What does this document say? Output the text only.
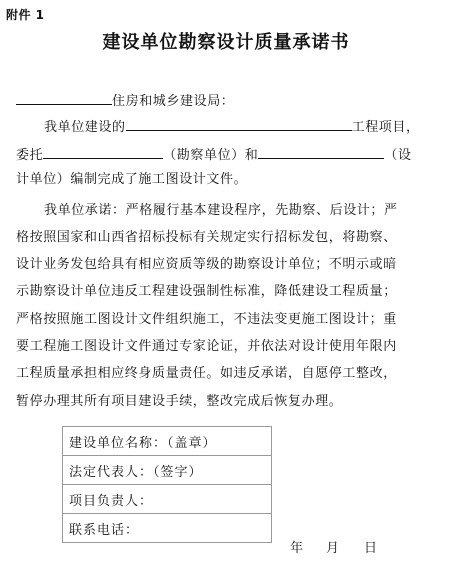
附件 1
建设单位勘察设计质量承诺书
住房和城乡建设局：
我单位建设的	工程项目，
委托	（勘察单位）和	（设
计单位）编制完成了施工图设计文件。
我单位承诺：严格履行基本建设程序，先勘察、后设计；严
格按照国家和山西省招标投标有关规定实行招标发包，将勘察、
设计业务发包给具有相应资质等级的勘察设计单位；不明示或暗
示勘察设计单位违反工程建设强制性标准，降低建设工程质量；
严格按照施工图设计文件组织施工，不违法变更施工图设计；重
要工程施工图设计文件通过专家论证，并依法对设计使用年限内
工程质量承担相应终身质量责任。如违反承诺，自愿停工整改，
暂停办理其所有项目建设手续，整改完成后恢复办理。
建设单位名称：（盖章）
法定代表人：（签字）
项目负责人：
联系电话：
年 月 日
